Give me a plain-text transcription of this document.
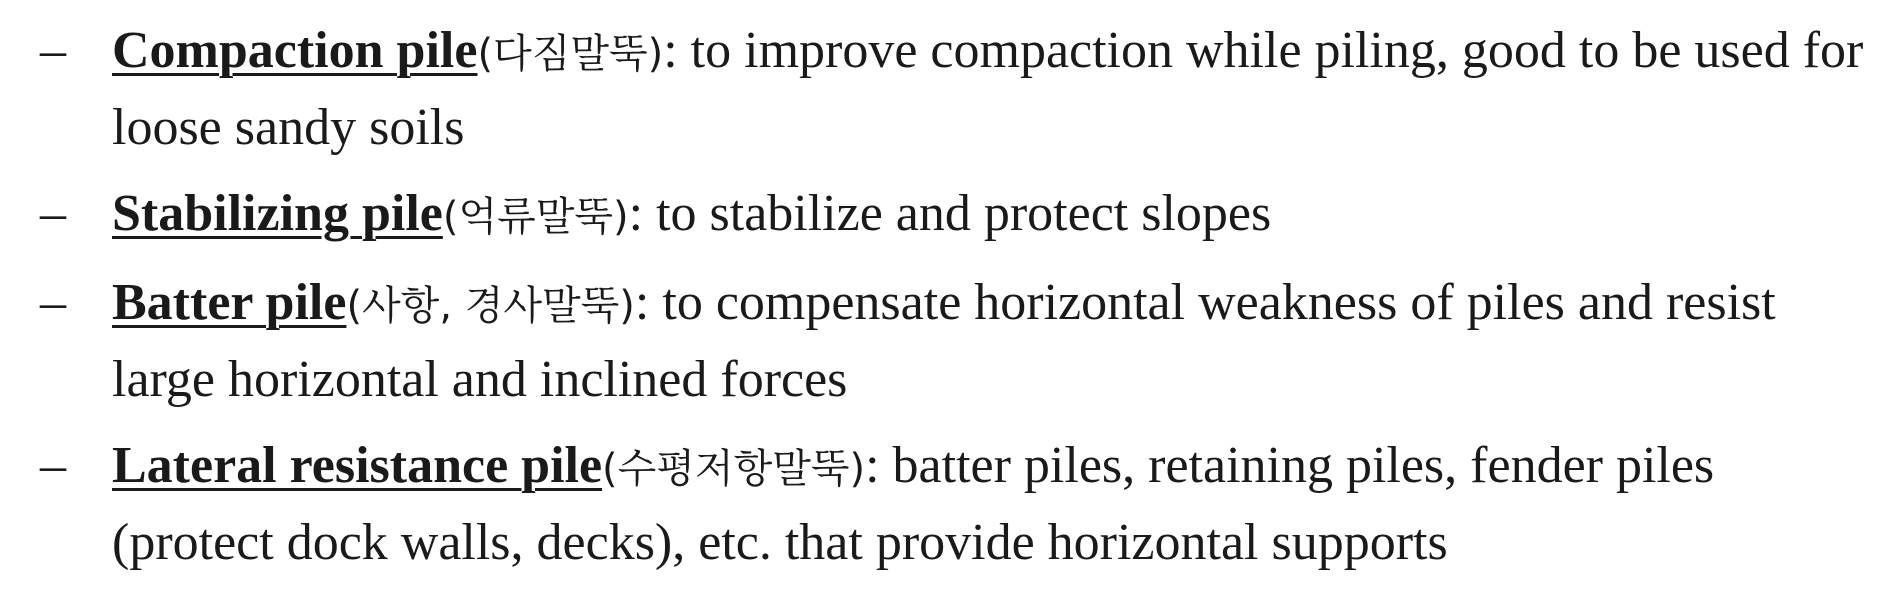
– Compaction pile(다짐말뚝): to improve compaction while piling, good to be used for loose sandy soils
– Stabilizing pile(억류말뚝): to stabilize and protect slopes
– Batter pile(사항, 경사말뚝): to compensate horizontal weakness of piles and resist large horizontal and inclined forces
– Lateral resistance pile(수평저항말뚝): batter piles, retaining piles, fender piles (protect dock walls, decks), etc. that provide horizontal supports
